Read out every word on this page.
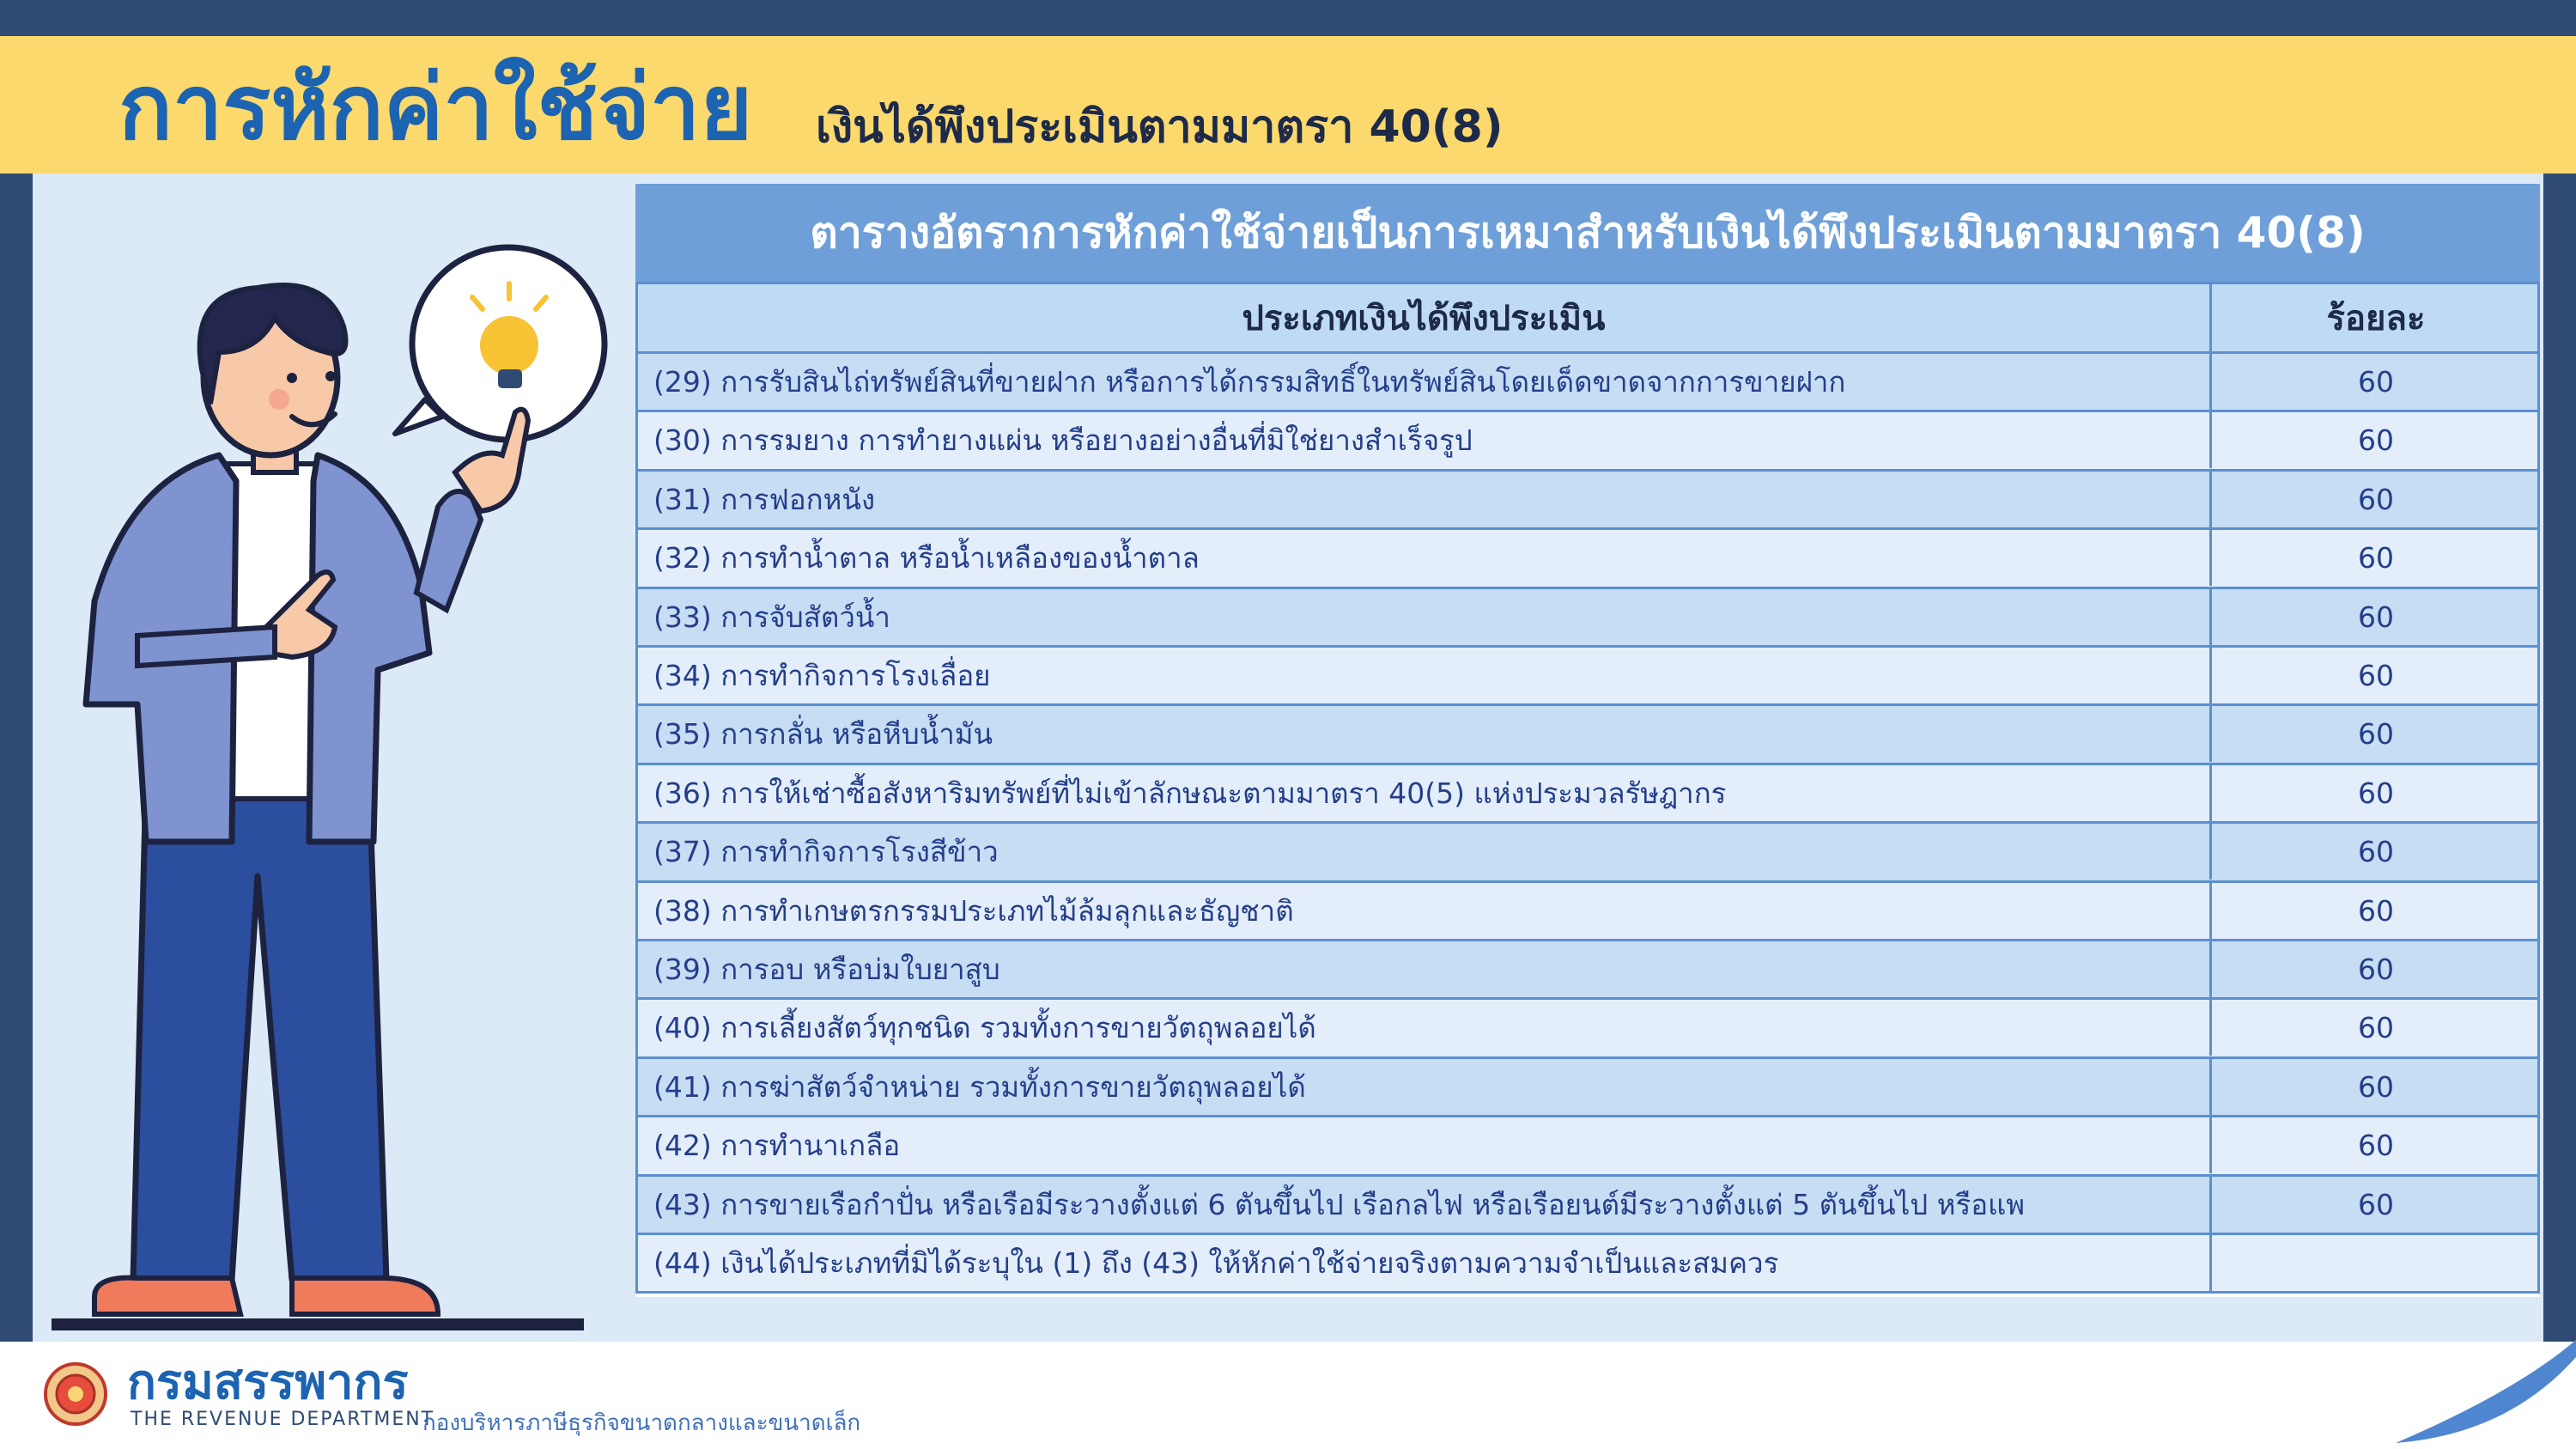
การหักค่าใช้จ่าย เงินได้พึงประเมินตามมาตรา 40(8)
ตารางอัตราการหักค่าใช้จ่ายเป็นการเหมาสำหรับเงินได้พึงประเมินตามมาตรา 40(8)
ประเภทเงินได้พึงประเมิน	ร้อยละ
(29) การรับสินไถ่ทรัพย์สินที่ขายฝาก หรือการได้กรรมสิทธิ์ในทรัพย์สินโดยเด็ดขาดจากการขายฝาก	60
(30) การรมยาง การทำยางแผ่น หรือยางอย่างอื่นที่มิใช่ยางสำเร็จรูป	60
(31) การฟอกหนัง	60
(32) การทำน้ำตาล หรือน้ำเหลืองของน้ำตาล	60
(33) การจับสัตว์น้ำ	60
(34) การทำกิจการโรงเลื่อย	60
(35) การกลั่น หรือหีบน้ำมัน	60
(36) การให้เช่าซื้อสังหาริมทรัพย์ที่ไม่เข้าลักษณะตามมาตรา 40(5) แห่งประมวลรัษฎากร	60
(37) การทำกิจการโรงสีข้าว	60
(38) การทำเกษตรกรรมประเภทไม้ล้มลุกและธัญชาติ	60
(39) การอบ หรือบ่มใบยาสูบ	60
(40) การเลี้ยงสัตว์ทุกชนิด รวมทั้งการขายวัตถุพลอยได้	60
(41) การฆ่าสัตว์จำหน่าย รวมทั้งการขายวัตถุพลอยได้	60
(42) การทำนาเกลือ	60
(43) การขายเรือกำปั่น หรือเรือมีระวางตั้งแต่ 6 ตันขึ้นไป เรือกลไฟ หรือเรือยนต์มีระวางตั้งแต่ 5 ตันขึ้นไป หรือแพ	60
(44) เงินได้ประเภทที่มิได้ระบุใน (1) ถึง (43) ให้หักค่าใช้จ่ายจริงตามความจำเป็นและสมควร
กรมสรรพากร
THE REVENUE DEPARTMENT
กองบริหารภาษีธุรกิจขนาดกลางและขนาดเล็ก
